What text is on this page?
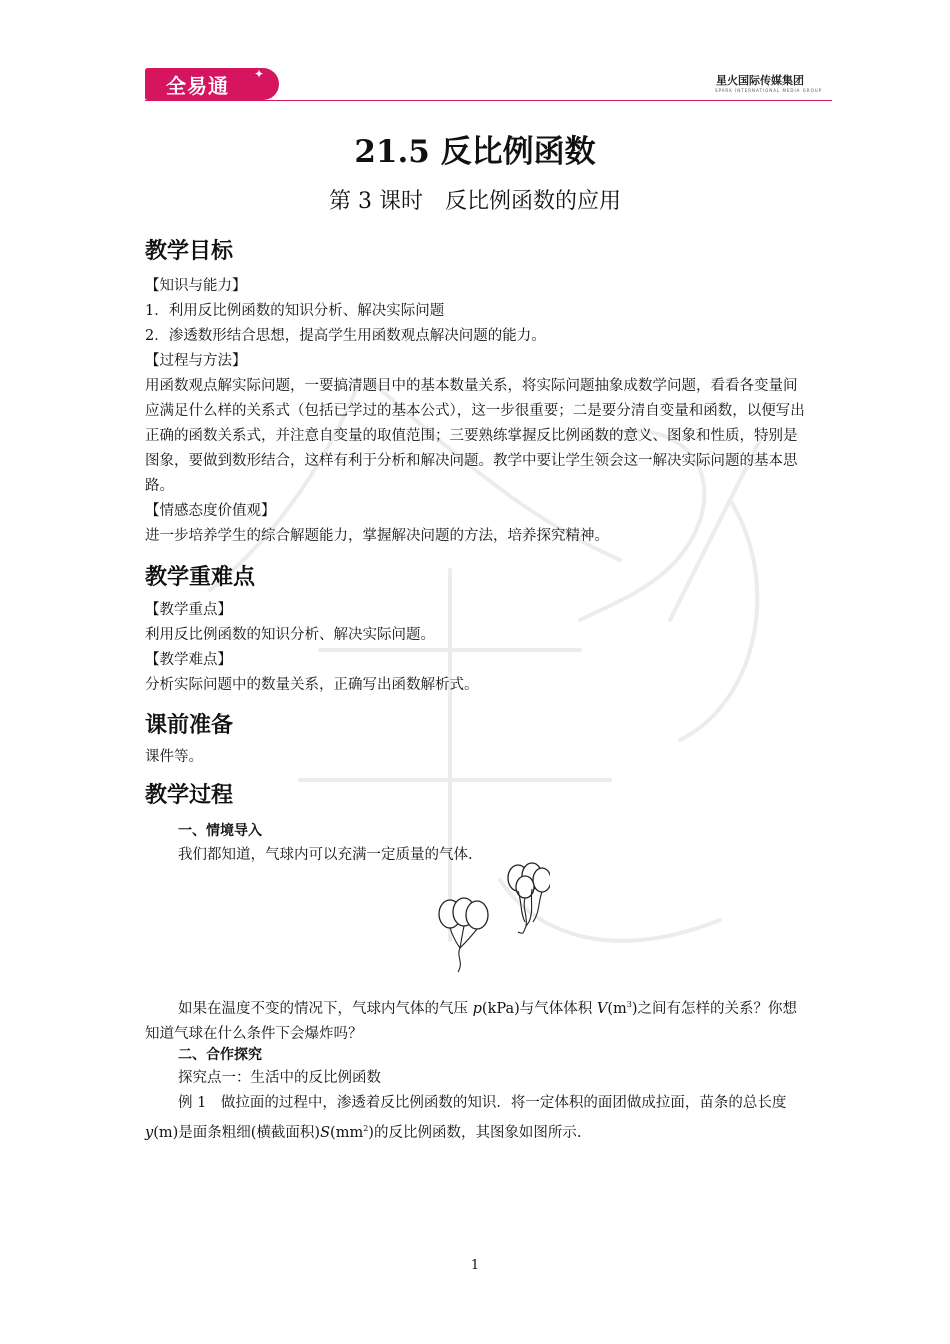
全易通 ✦	星火国际传媒集团
SPARK INTERNATIONAL MEDIA GROUP
21.5 反比例函数
第 3 课时　反比例函数的应用
教学目标
【知识与能力】
1．利用反比例函数的知识分析、解决实际问题
2．渗透数形结合思想，提高学生用函数观点解决问题的能力。
【过程与方法】
用函数观点解实际问题，一要搞清题目中的基本数量关系，将实际问题抽象成数学问题，看看各变量间应满足什么样的关系式（包括已学过的基本公式），这一步很重要；二是要分清自变量和函数，以便写出正确的函数关系式，并注意自变量的取值范围；三要熟练掌握反比例函数的意义、图象和性质，特别是图象，要做到数形结合，这样有利于分析和解决问题。教学中要让学生领会这一解决实际问题的基本思路。
【情感态度价值观】
进一步培养学生的综合解题能力，掌握解决问题的方法，培养探究精神。
教学重难点
【教学重点】
利用反比例函数的知识分析、解决实际问题。
【教学难点】
分析实际问题中的数量关系，正确写出函数解析式。
课前准备
课件等。
教学过程
一、情境导入
我们都知道，气球内可以充满一定质量的气体.
如果在温度不变的情况下，气球内气体的气压 p(kPa)与气体体积 $V(m^3)$之间有怎样的关系？你想知道气球在什么条件下会爆炸吗？
二、合作探究
探究点一：生活中的反比例函数
例 1　做拉面的过程中，渗透着反比例函数的知识．将一定体积的面团做成拉面，苗条的总长度 y(m)是面条粗细(横截面积)$S(mm^2)$的反比例函数，其图象如图所示.
1
